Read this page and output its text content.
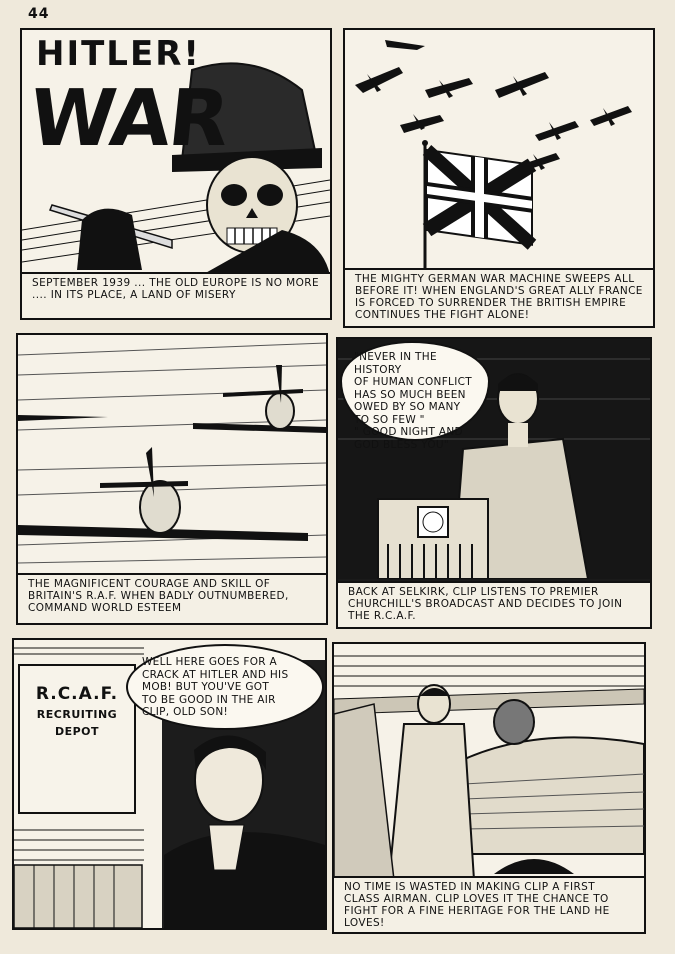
44
HITLER!
WAR
SEPTEMBER 1939 ... THE OLD EUROPE IS NO MORE .... IN ITS PLACE, A LAND OF MISERY
THE MIGHTY GERMAN WAR MACHINE SWEEPS ALL BEFORE IT! WHEN ENGLAND'S GREAT ALLY FRANCE IS FORCED TO SURRENDER THE BRITISH EMPIRE CONTINUES THE FIGHT ALONE!
THE MAGNIFICENT COURAGE AND SKILL OF BRITAIN'S R.A.F. WHEN BADLY OUTNUMBERED, COMMAND WORLD ESTEEM
"NEVER IN THE HISTORY
OF HUMAN CONFLICT
HAS SO MUCH BEEN
OWED BY SO MANY
TO SO FEW "
" GOOD NIGHT AND
GOD BLESS YOU"
BACK AT SELKIRK, CLIP LISTENS TO PREMIER CHURCHILL'S BROADCAST AND DECIDES TO JOIN THE R.C.A.F.
R.C.A.F.
RECRUITING
DEPOT
WELL HERE GOES FOR A
CRACK AT HITLER AND HIS
MOB! BUT YOU'VE GOT
TO BE GOOD IN THE AIR
CLIP, OLD SON!
NO TIME IS WASTED IN MAKING CLIP A FIRST CLASS AIRMAN. CLIP LOVES IT THE CHANCE TO FIGHT FOR A FINE HERITAGE FOR THE LAND HE LOVES!
